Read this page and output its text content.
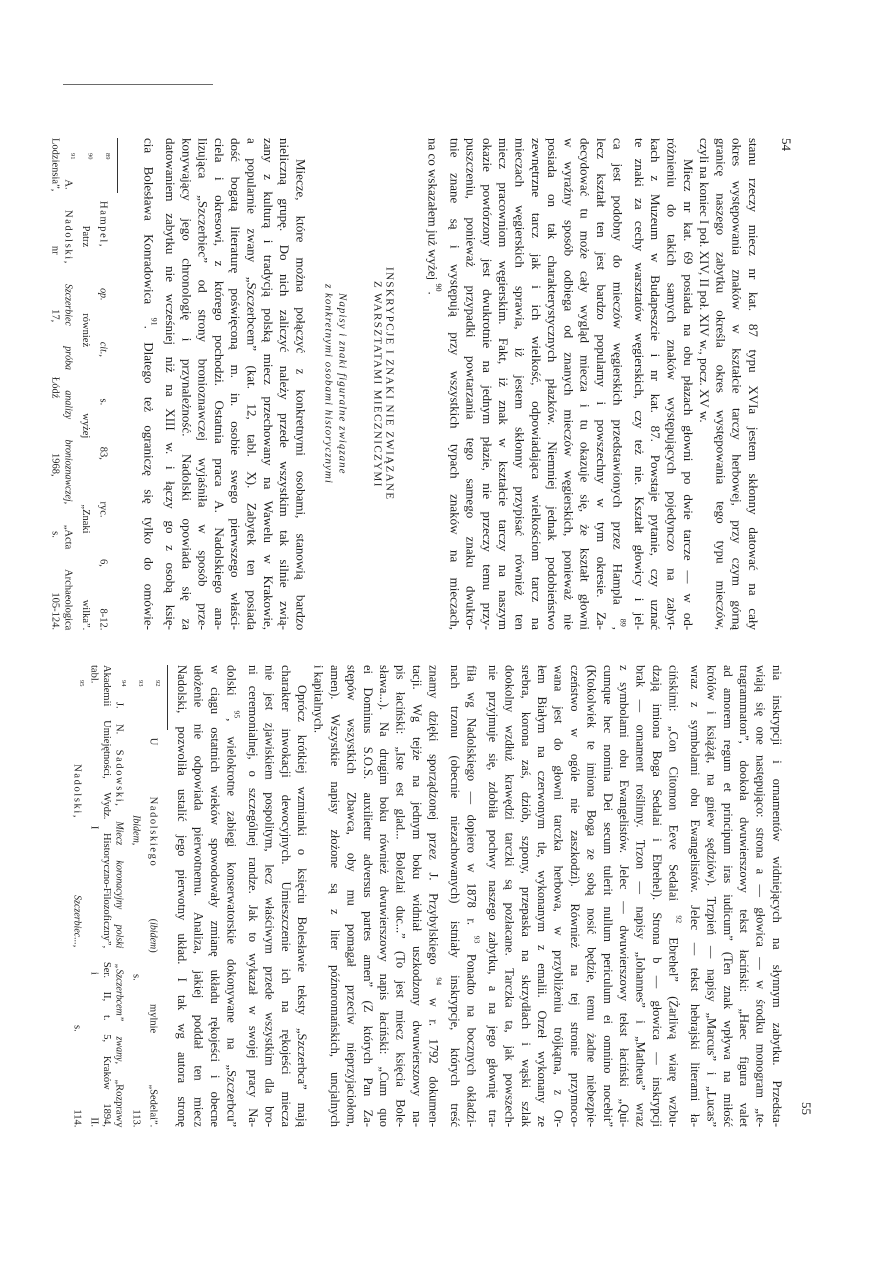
54
stanu rzeczy miecz nr kat. 87 typu XVIa jestem skłonny datować na cały
okres występowania znaków w kształcie tarczy herbowej, przy czym górną
granicę naszego zabytku określa okres występowania tego typu mieczów,
czyli na koniec I poł. XIV, II poł. XIV w., pocz. XV w.
Miecz nr kat. 69 posiada na obu płazach głowni po dwie tarcze — w od-
różnieniu do takich samych znaków występujących pojedynczo na zabyt-
kach z Muzeum w Budapeszcie i nr kat. 87. Powstaje pytanie, czy uznać
te znaki za cechy warsztatów węgierskich, czy też nie. Kształt głowicy i jel-
ca jest podobny do mieczów węgierskich przedstawionych przez Hampla $^{89}$,
lecz kształt ten jest bardzo popularny i powszechny w tym okresie. Za-
decydować tu może cały wygląd miecza i tu okazuje się, że kształt głowni
w wyraźny sposób odbiega od znanych mieczów węgierskich, ponieważ nie
posiada on tak charakterystycznych płazków. Niemniej jednak podobieństwo
zewnętrzne tarcz jak i ich wielkość, odpowiadająca wielkościom tarcz na
mieczach węgierskich sprawia, iż jestem skłonny przypisać również ten
miecz pracowniom węgierskim. Fakt, iż znak w kształcie tarczy na naszym
okazie powtórzony jest dwukrotnie na jednym płazie, nie przeczy temu przy-
puszczeniu, ponieważ przypadki powtarzania tego samego znaku dwukro-
tnie znane są i występują przy wszystkich typach znaków na mieczach,
na co wskazałem już wyżej $^{90}$.
INSKRYPCJE I ZNAKI NIE ZWIĄZANE
Z WARSZTATAMI MIECZNICZYMI
Napisy i znaki figuralne związane
z konkretnymi osobami historycznymi
Miecze, które można połączyć z konkretnymi osobami, stanowią bardzo
nieliczną grupę. Do nich zaliczyć należy przede wszystkim tak silnie zwią-
zany z kulturą i tradycją polską miecz przechowany na Wawelu w Krakowie,
a popularnie zwany „Szczerbcem” (kat. 12, tabl. X). Zabytek ten posiada
dość bogatą literaturę poświęconą m. in. osobie swego pierwszego właści-
ciela i okresowi, z którego pochodzi. Ostatnia praca A. Nadolskiego ana-
lizująca „Szczerbiec” od strony bronioznawczej wyjaśniła w sposób prze-
konywający jego chronologię i przynależność. Nadolski opowiada się za
datowaniem zabytku nie wcześniej niż na XIII w. i łączy go z osobą księ-
cia Bolesława Konradowica $^{91}$. Dlatego też ograniczę się tylko do omówie-
$^{89}$ Hampel, op. cit., s. 83, ryc. 6, 8-12.
$^{90}$ Patrz również wyżej „Znaki wilka”.
$^{91}$ A. Nadolski, Szczerbiec próba analizy bronioznawczej, „Acta Archaeologica
Lodziensia”, nr 17, Łódź 1968, s. 105-124.
55
nia inskrypcji i ornamentów widniejących na słynnym zabytku. Przedsta-
wiają się one następująco: strona a — głowica — w środku monogram „te-
tragrammaton”, dookoła dwuwierszowy tekst łaciński: „Haec figura valet
ad amorem regum et principum iras iudicum” (Ten znak wpływa na miłość
królów i książąt, na gniew sędziów). Trzpień — napisy „Marcus” i „Lucas”
wraz z symbolami obu Ewangelistów. Jelec — tekst hebrajski literami ła-
cińskimi: „Con Citomon Eeve Sedalai $^{92}$ Ebrehel” (Żarliwą wiarę wzbu-
dzają imiona Boga Sedalai i Ebrehel). Strona b — głowica — inskrypcji
brak — ornament roślinny. Trzon — napisy „Iohannes” i „Matheus” wraz
z symbolami obu Ewangelistów. Jelec — dwuwierszowy tekst łaciński „Qui-
cumque hec nomina Dei secum tulerit nullum periculum ei omnino nocebit”
(Ktokolwiek te imiona Boga ze sobą nosić będzie, temu żadne niebezpie-
czeństwo w ogóle nie zaszkodzi). Również na tej stronie przymoco-
wana jest do głowni tarczka herbowa, w przybliżeniu trójkątna, z Or-
łem Białym na czerwonym tle, wykonanym z emalii. Orzeł wykonany ze
srebra, korona zaś, dziób, szpony, przepaska na skrzydłach i wąski szlak
dookolny wzdłuż krawędzi tarczki są pozłacane. Tarczka ta, jak powszech-
nie przyjmuje się, zdobiła pochwy naszego zabytku, a na jego głownię tra-
fiła wg Nadolskiego — dopiero w 1878 r. $^{93}$ Ponadto na bocznych okładzi-
nach trzonu (obecnie niezachowanych) istniały inskrypcje, których treść
znamy dzięki sporządzonej przez J. Przybylskiego $^{94}$ w r. 1792 dokumen-
tacji. Wg tejże na jednym boku widniał uszkodzony dwuwierszowy na-
pis łaciński: „Iste est glad... Bolezlai duc...” (To jest miecz księcia Bole-
sława...). Na drugim boku również dwuwierszowy napis łaciński: „Cum quo
ei Dominus S.O.S. auxilietur adversus partes amen” (Z których Pan Za-
stępów wszystkich Zbawca, oby mu pomagał przeciw nieprzyjaciołom,
amen). Wszystkie napisy złożone są z liter późnoromańskich, uncjalnych
i kapitalnych.
Oprócz krótkiej wzmianki o księciu Bolesławie teksty „Szczerbca” mają
charakter inwokacji dewocyjnych. Umieszczenie ich na rękojeści miecza
nie jest zjawiskiem pospolitym, lecz właściwym przede wszystkim dla bro-
ni ceremonialnej, o szczególnej randze. Jak to wykazał w swojej pracy Na-
dolski $^{95}$, wielokrotne zabiegi konserwatorskie dokonywane na „Szczerbcu”
w ciągu ostatnich wieków spowodowały zmianę układu rękojeści i obecne
ułożenie nie odpowiada pierwotnemu. Analiza, jakiej poddał ten miecz
Nadolski, pozwoliła ustalić jego pierwotny układ. I tak wg autora stronę
$^{92}$ U Nadolskiego (ibidem) mylnie „Sedelai”.
$^{93}$ Ibidem, s. 113.
$^{94}$ J. N. Sadowski, Miecz koronacyjny polski „Szczerbcem” zwany, „Rozprawy
Akademii Umiejętności, Wydz. Historyczno-Filozoficzny”, Ser. II, t. 5, Kraków 1894,
tabl. I i II.
$^{95}$ Nadolski, Szczerbiec..., s. 114.
